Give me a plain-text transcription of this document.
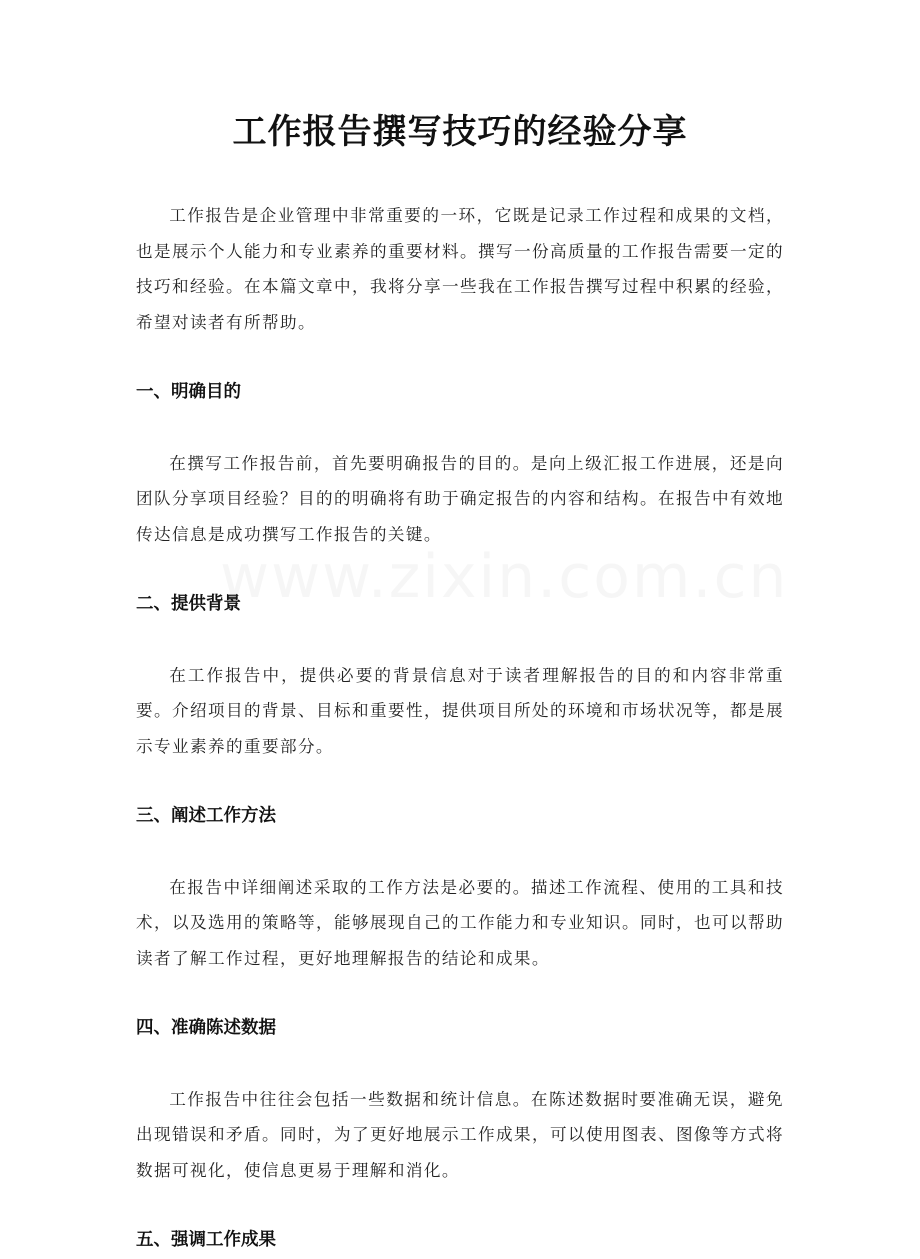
工作报告撰写技巧的经验分享

工作报告是企业管理中非常重要的一环，它既是记录工作过程和成果的文档，也是展示个人能力和专业素养的重要材料。撰写一份高质量的工作报告需要一定的技巧和经验。在本篇文章中，我将分享一些我在工作报告撰写过程中积累的经验，希望对读者有所帮助。

一、明确目的

在撰写工作报告前，首先要明确报告的目的。是向上级汇报工作进展，还是向团队分享项目经验？目的的明确将有助于确定报告的内容和结构。在报告中有效地传达信息是成功撰写工作报告的关键。

二、提供背景

在工作报告中，提供必要的背景信息对于读者理解报告的目的和内容非常重要。介绍项目的背景、目标和重要性，提供项目所处的环境和市场状况等，都是展示专业素养的重要部分。

三、阐述工作方法

在报告中详细阐述采取的工作方法是必要的。描述工作流程、使用的工具和技术，以及选用的策略等，能够展现自己的工作能力和专业知识。同时，也可以帮助读者了解工作过程，更好地理解报告的结论和成果。

四、准确陈述数据

工作报告中往往会包括一些数据和统计信息。在陈述数据时要准确无误，避免出现错误和矛盾。同时，为了更好地展示工作成果，可以使用图表、图像等方式将数据可视化，使信息更易于理解和消化。

五、强调工作成果
www.zixin.com.cn
